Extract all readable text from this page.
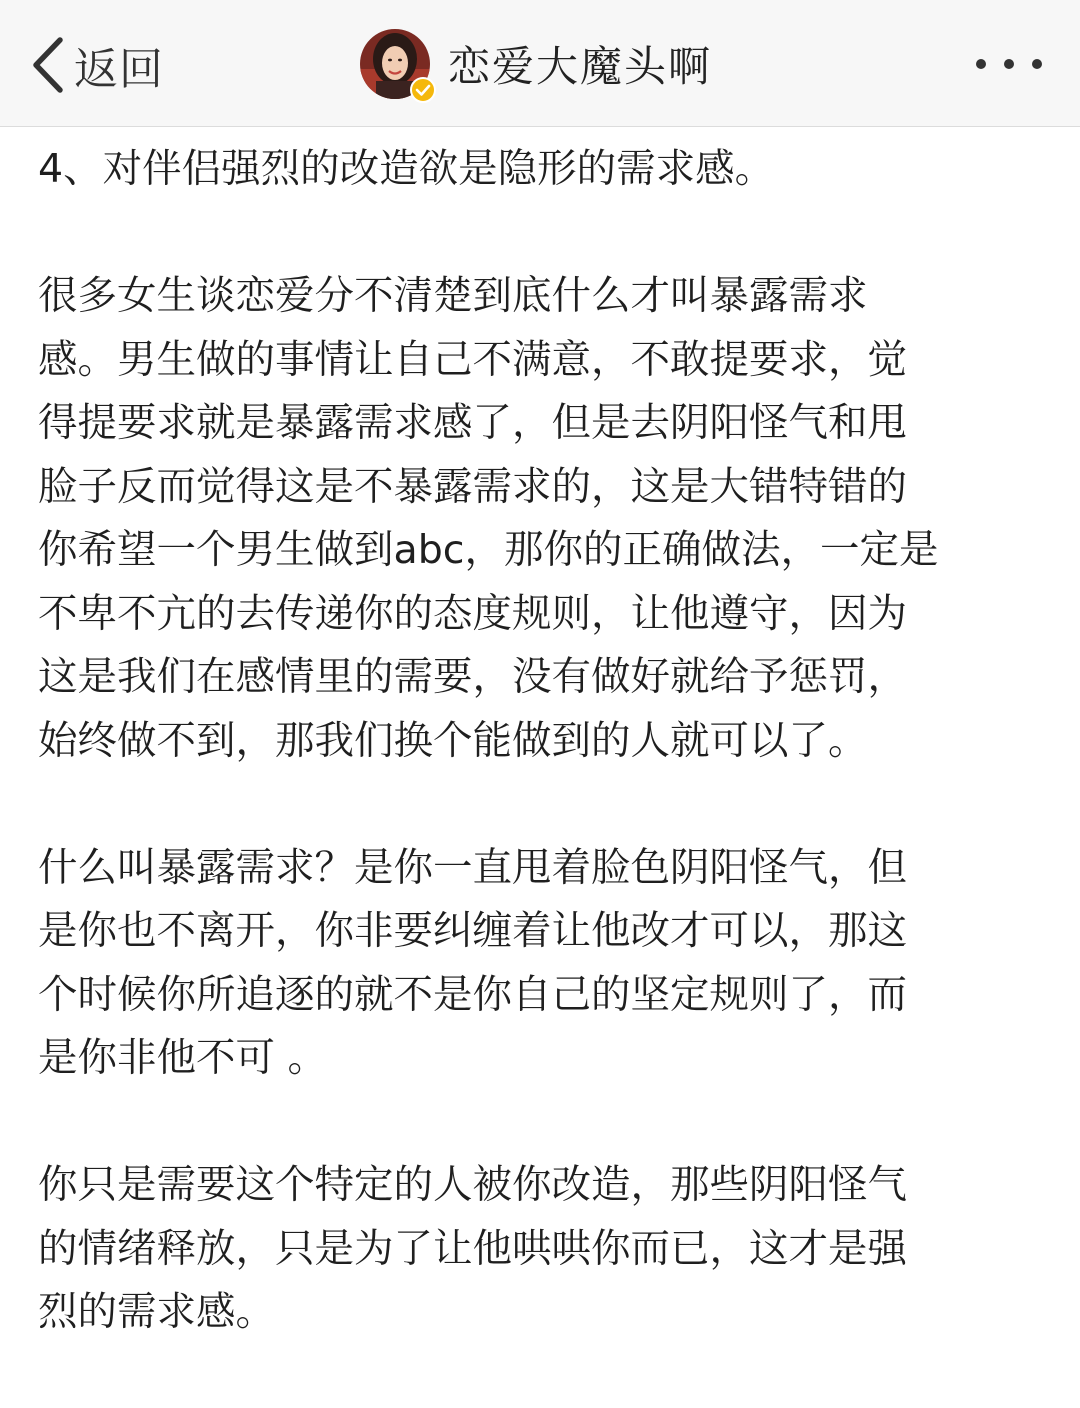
返回	恋爱大魔头啊

4、对伴侣强烈的改造欲是隐形的需求感。

很多女生谈恋爱分不清楚到底什么才叫暴露需求
感。男生做的事情让自己不满意，不敢提要求，觉
得提要求就是暴露需求感了，但是去阴阳怪气和甩
脸子反而觉得这是不暴露需求的，这是大错特错的
你希望一个男生做到abc，那你的正确做法，一定是
不卑不亢的去传递你的态度规则，让他遵守，因为
这是我们在感情里的需要，没有做好就给予惩罚，
始终做不到，那我们换个能做到的人就可以了。

什么叫暴露需求？是你一直甩着脸色阴阳怪气，但
是你也不离开，你非要纠缠着让他改才可以，那这
个时候你所追逐的就不是你自己的坚定规则了，而
是你非他不可 。

你只是需要这个特定的人被你改造，那些阴阳怪气
的情绪释放，只是为了让他哄哄你而已，这才是强
烈的需求感。
